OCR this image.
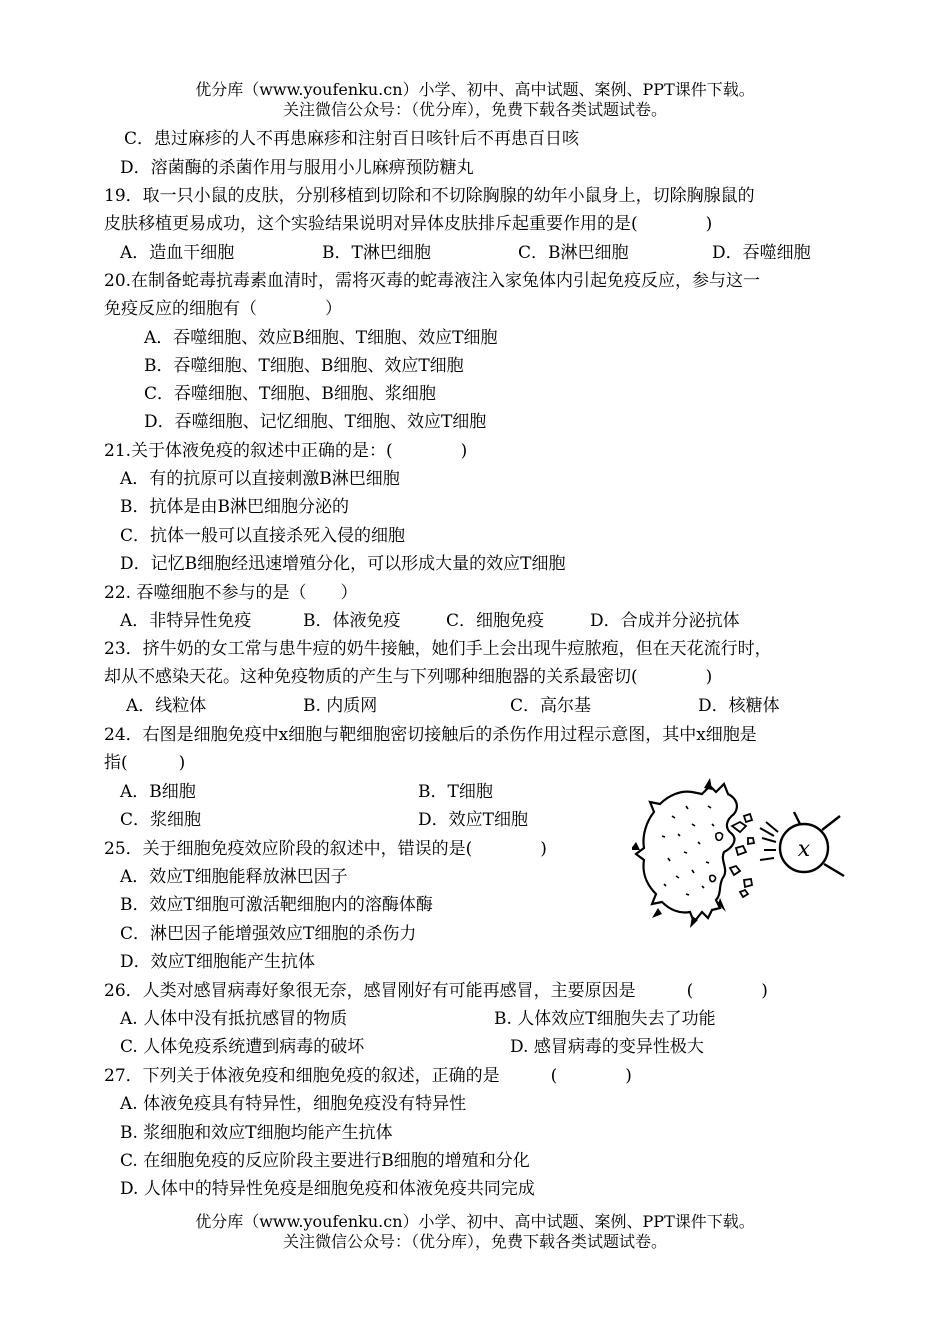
优分库（www.youfenku.cn）小学、初中、高中试题、案例、PPT课件下载。
关注微信公众号：（优分库），免费下载各类试题试卷。
C．患过麻疹的人不再患麻疹和注射百日咳针后不再患百日咳
D．溶菌酶的杀菌作用与服用小儿麻痹预防糖丸
19．取一只小鼠的皮肤，分别移植到切除和不切除胸腺的幼年小鼠身上，切除胸腺鼠的
皮肤移植更易成功，这个实验结果说明对异体皮肤排斥起重要作用的是(　　　　)
A．造血干细胞	B．T淋巴细胞	C．B淋巴细胞	D．吞噬细胞
20.在制备蛇毒抗毒素血清时，需将灭毒的蛇毒液注入家兔体内引起免疫反应，参与这一
免疫反应的细胞有（　　　　）
A．吞噬细胞、效应B细胞、T细胞、效应T细胞
B．吞噬细胞、T细胞、B细胞、效应T细胞
C．吞噬细胞、T细胞、B细胞、浆细胞
D．吞噬细胞、记忆细胞、T细胞、效应T细胞
21.关于体液免疫的叙述中正确的是：(　　　　)
A．有的抗原可以直接刺激B淋巴细胞
B．抗体是由B淋巴细胞分泌的
C．抗体一般可以直接杀死入侵的细胞
D．记忆B细胞经迅速增殖分化，可以形成大量的效应T细胞
22. 吞噬细胞不参与的是（　　）
A．非特异性免疫	B．体液免疫	C．细胞免疫	D．合成并分泌抗体
23．挤牛奶的女工常与患牛痘的奶牛接触，她们手上会出现牛痘脓疱，但在天花流行时，
却从不感染天花。这种免疫物质的产生与下列哪种细胞器的关系最密切(　　　　)
A．线粒体	B. 内质网	C．高尔基	D．核糖体
24．右图是细胞免疫中x细胞与靶细胞密切接触后的杀伤作用过程示意图，其中x细胞是
指(　　　)
A．B细胞	B．T细胞
C．浆细胞	D．效应T细胞
x
25．关于细胞免疫效应阶段的叙述中，错误的是(　　　　)
A．效应T细胞能释放淋巴因子
B．效应T细胞可激活靶细胞内的溶酶体酶
C．淋巴因子能增强效应T细胞的杀伤力
D．效应T细胞能产生抗体
26．人类对感冒病毒好象很无奈，感冒刚好有可能再感冒，主要原因是　　　(　　　　)
A. 人体中没有抵抗感冒的物质	B. 人体效应T细胞失去了功能
C. 人体免疫系统遭到病毒的破坏	D. 感冒病毒的变异性极大
27．下列关于体液免疫和细胞免疫的叙述，正确的是　　　(　　　　)
A. 体液免疫具有特异性，细胞免疫没有特异性
B. 浆细胞和效应T细胞均能产生抗体
C. 在细胞免疫的反应阶段主要进行B细胞的增殖和分化
D. 人体中的特异性免疫是细胞免疫和体液免疫共同完成
优分库（www.youfenku.cn）小学、初中、高中试题、案例、PPT课件下载。
关注微信公众号：（优分库），免费下载各类试题试卷。
